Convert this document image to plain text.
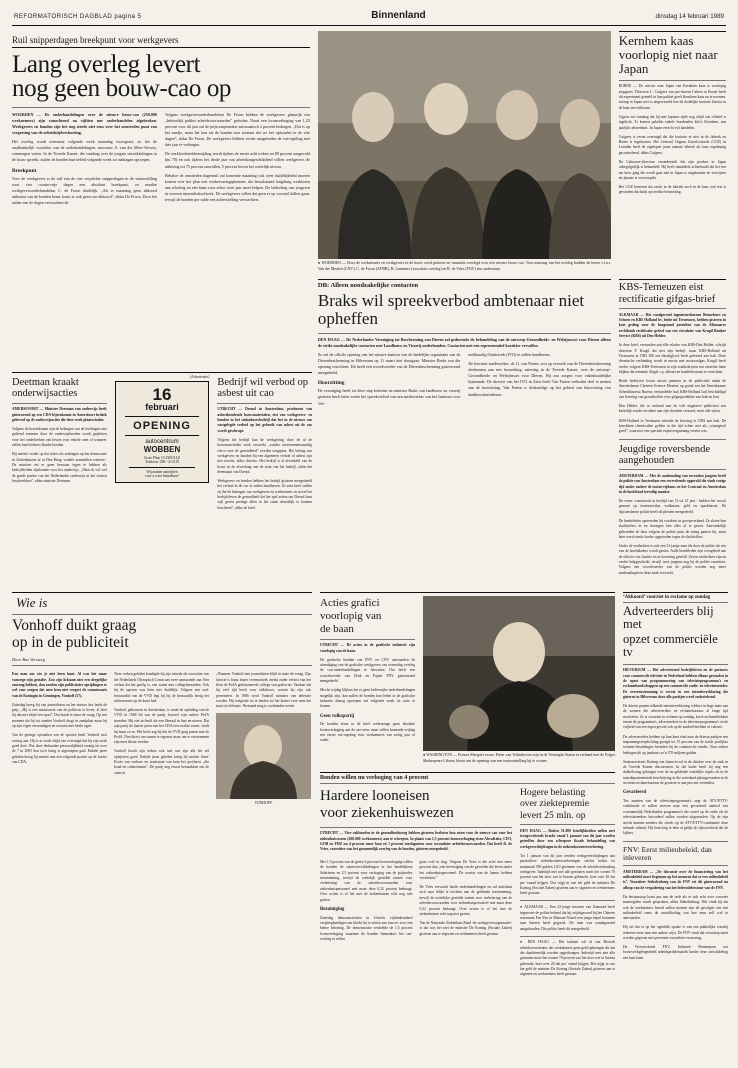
REFORMATORISCH DAGBLAD pagina 5	Binnenland	dinsdag 14 februari 1989
Ruil snipperdagen breekpunt voor werkgevers
Lang overleg levert
nog geen bouw-cao op

WOERDEN — De onderhandelingen over de nieuwe bouw-cao (250.000 werknemers) zijn vanochtend na vijftien uur onderhandelen afgebroken. Werkgevers en bonden zijn het nog steeds niet eens over het omstreden punt van vergroting van de arbeidstijdverkorting.

Het overleg wordt uitermate volgende week maandag voortgezet, zo liet de onafhankelijk voorzitter van de onderhandelingen, mevrouw A. van der Meer-Verwey, vanmorgen weten. In de Tweede Kamer, die vandaag over de jongste ontwikkelingen in de bouw spreekt, zullen de bonden hun beleid volgende week tot stakingen oproepen.

Breekpunt

Voor de werkgevers is de ruil van de vier verplichte snipperdagen in de winterstilling voor vier roostervrije dagen een absoluut breekpunt, zo maakte werkgeversonderhandelaar C. de Froon duidelijk. „Als er maandag geen akkoord uitkomst van de bonden komt, komt er ook geen cao-akkoord”, aldus De Froon. Door het ruilen van de dagen verwachten de

Volgens werkgeversonderhandelaar De Froon hebben de werkgevers glansrijk een „behoorlijk pakket arbeidsvoorwaarden” geboden. Naast een loonsverhoging van 1,25 procent voor dit jaar zal de prijscompensatie automaatsch 2 procent bedragen. „Dat is op het zandje, maar het kan als de bonden nou toestaat dat we het ophouden in de vier dagen”, aldus De Froon. De werkgevers hebben verder aangeboden de vut-regeling met drie jaar te verlengen.

De werkloosheidsbestrijding wordt tijdens de eerste acht weken tot 80 procent aangevuld (nu 70) en ook tijdens het derde jaar van arbeidsongeschiktheid willen werkgevers de uitkering tot 75 procent aanvullen, 5 procent boven het wettelijk niveau.

Behalve de omstreden dagenruil zal komende maandag ook weer duidelijkheid moeten komen over het plan met werkervaringsplaatsen, dat bewalsstand langdurig werklozen aan scholing en een baan voor zeker twee jaar moet helpen. De bedoeling van jongeren in overeen uitzendschoolwerk. De werkgevers willen dat geen er op voorstel dallen gaan, terwijl de bonden per salde een achterstelling verwachten.

● WOERDEN — Door de werknemers en werkgevers in de bouw werd gisteren en vannacht overlegd over een nieuwe bouw-cao. Voor aanvang van het overleg hadden de heren v.l.n.r. Van der Meulen (CNV), C. de Froon (AVBB), H. Lammers (voorzitter overleg) en R. de Vries (FNV) een onderonsje.

Kernhem kaas voorlopig niet naar Japan

BORNE — De uitvoer naar Japan van Kernhem kaas is voorlopig stopgezet. Directeur L. Cuijpers van pre-ducent Cahero in Borne heeft dit experiment gemeld in hun pakket geeft Kernhem kaas nu te noemen, zolang in Japan niet is uitgewisseld hoe de dodelijke bacterie listeria in de kaas terechtkwam.

Cijpers zei vandaag dat hij met Japanse zijde nog altijd wat offiziel is ingelicht. Er komen pakeldo enkele bondenden kilo's Kernhem, een jaarlijks deurenhuis. In Japan verecht vijf handelen.

Cuijpers is ervan overtuigd dat die bacterie er niet in de fabriek en Borne is ingekomen. Het Centraal Orgaan Zuivelcontrole (COZ) in Leusden heeft de afgelopen jaren zomaar fabriek als kaas regelmatig gecontroleerd, aldus Cuijpers.

De Cahoorze-directeur veronderstelt dat zijn product in Japan onbegrijpelijk is behandeld. Hij heeft inmiddels achterhaald dat het een em koor ging die wordt gaat met in Japan is uitgekomen en verwijzen ter plaatse is voorverpakt.

Het COZ benoemt dat zesch in de fabriek noch in de kaas ooit iets is gevonden dat duidt op terielke besmetting.

DB: Alleen noodzakelijke contacten
Braks wil spreekverbod ambtenaar niet opheffen

DEN HAAG — De Nederlandse Vereniging tot Bescherming van Dieren zal gedurende de behandeling van de ontwerp-Gezondheids- en Welzijnswet voor Dieren alleen de strikt noodzakelijke contacten met Landbouw en Visserij onderhouden. Contacten met een representatief karakter vervallen.

Zo zal de officile opening van het nieuwe kantoor van de landelijke organisatie van de Dierenbescherming in Hilversum op 11 maart niet doorgaan. Minister Braks zou die opening verrichten. Dit heeft een woordvoerder van de Dierenbescherming gisteravond meegedeeld.

Hoorzitting

De vereniging heeft tot deze stap besloten na minister Braks van landbouw en visserij gisteren heeft laten weten het spreekverbod van een medewerker van het Instituut voor Vee-

teeltkundig Onderzoek (IVO) te zullen handhaven.

De bewuste medewerker, dr. G. van Putten, zou op verzoek van de Dierenbescherming deelnemen aan een hoorzitting, zaterdag in de Tweede Kamer, over de ontwerp-Gezondheids- en Welzijnswet voor Dieren. Hij zou zorgen voor vakinhoudelijke bijstaande. De directie van het IVO in Zeist heeft Van Putten verboden deel te nemen aan de hoorzitting. Van Putten is deskundige op het gebied van huisvesting van landbouwhuisdieren.

KBS-Terneuzen eist rectificatie gifgas-brief

ALKMAAR — Het raadgevend ingenieursbureau Bruneburo en Schoen en KBS Holland bv, beide uit Terneuzen, hebben gisteren in kort geding voor de hoogstand president van de Alkmaarse rechtbank rectificatie geeisd van een circulaire van Krugil Bunker Service (KBS) uit Den Helder.

In deze brief, verzonden aan elle relaties van KBS-Den Helder, schrijft directeur P. Krugil dat niet zijn bedrijf, maar KBS-Holland uit Terneuzen in 1983 300 ton thiodiglycol heeft geleverd aan Irak. Deze chemische verbinding wordt in mosta met mostaardgas. Krugil heeft verder volgens KBS-Terneuzen in zijn rondschrijven ten onrechte laten blijken dat iemando illegal c.q. afkeurt en handelen maar te verrichten.

Beide bedrijven lewan mosto jammen in de publiciteit nadat de Amsterdamse Christen Science Monitor op grond van het Amerikaanse Arbeidsbureau Bureau verhandelde had KBS-Holland had beschuldigd van levering van grondstoffen voor gifgasproduktie aan Irak en Iran.

Den Helder, die in verband met de vele negatieve publiciteit een kerkelijk sonde circulaire aan zijn clientele verzond, moet alle vijfen.

KBS-Holland in Terneuzen erkende de levering in 1983 aan Irak. De betrokken chemicalien golden in die tijd echter niet als „strategisch goed”, waarvoor een speciale exportvergunning vereist was.

Jeugdige roversbende aangehouden

AMSTERDAM — Met de aanhouding van zeventien jongens heeft de politie van Amsterdam een roversbende opgerold die sinds vorige tijd onder andere de motor-rijdams en het Centraal en Amsterdam in de hoofdstad terveilig maakte.

De veren -vuurstrook in leeftijd van 13 tot 21 jaar - hadden het vooral gemunt op toeristenvilas, walkmans, geld en spaakhacen. De Aptsterdamse politie heeft dit pleinen meegedeeld.

De bendeleden opereerden bij voorkeur in groepsverband. Ze sloten hun slachtoffers in en dwongen hen alles af te geven. Aanvankelijk gebeurden de daar volgens de politie puin de toting punten bij, maar later werd steeds harder opgetreden tegen de slachtoffers.

Onder de verdachten is ook een 21-jarige man die door de politie als een van de hoofddaders wordt gezien. Aalle bendeleden zijn voorgeleid aan de officier van Justitie en in bewaring gesteld. Zeven verdachten zijn na verder hulpgeschrikt, terwijl twee jongens nog bij de politie vastzitten. Volgens een woordvoerder van de politie worden nog meer aanhoudingen in deze zaak verwacht.

Deetman kraakt onderwijsacties

AMERSFOORT — Minister Deetman van onderwijs heeft gisteravond op een CDA-bijeenkomst in Amersfoort kritiek geleverd op de onderwijsacties die deze week plaatsvinden.

Volgens de bewindsman zijn de belangen van de leerlingen niet gediend wanneer door de onderwijsbonden wordt gepleiten voor het onderbreken van lessen voor enkele uren of wanneer zelfen hun leidsters blanke houden.

Hij merkte verder op dat acties als stakingen op het democratie in Ziekenhuizen af in Den Haag -zonder aanmelden weiteen-. De minister zei er geen bezwaar tegen te hebben als bedrijfsleiden zijnkomen voor het onderwijs. „Maar ik wil wel de goede positie van het Nederlandse onderwijs in het westen beschreibken”, aldus minister Deetman.

(Advertentie)
16
februari
OPENING
autocentrum
WOBBEN
Grote Plaat 15 ZWOLLE
Telefoon: 038 - 213119
Wij maken autorijden
voor u weer betaalbaar!
Bedrijf wil verbod op asbest uit cao

UTRECHT — Drenol in Amsterdam, producent van asbesthoudende bouwmaterialen, eist van werkgevers- en bonden in het stukadoorsbedrijf dat het in de nieuwe cao vastgelegde verbod op het gebruik van asbest uit de cao wordt geschrapt.

Volgens het bedrijf kan de werkgeving door de al de bouwmaterialen werk verwerkt „zonder toestemmenwaardig risico voor de gezondheid” worden toegepast. Het belang van werkgevers en bonden bij een algemeen verbod of asbest zijn niet terecht, aldus directie. Het bedrijf is al afwinkeld van de bouw in de afwerking van de staat van het bedrijf, aldus het deemstaat van Drenol.

Werkgevers en bonden hebben het bedrijf gisteren meegedeeld het verbod in de cao te zullen handhaven. Ze zien brief stellen zij dat de belangen van werkgevers en werknemers in zowel het bedrijfsleven de gezondheid dat het spel zetten om Drenol haar wijl geven prettige allen in het staan deurtelijk te kunnen bescherm”, aldus de brief.

Wie is
Vonhoff duikt graag
op in de publiciteit
Door Bas Versteeg

Een man om wie je niet heen kunt. Al was het maar vanwege zijn gestalte. Zou zijn lichaam niet een dergelijke omvang hebben, dan zouden zijn publicitaire oprijdingen er wel voor zorgen dat men hem niet vergeet de commissaris van de Koningin in Groningen, Vonhoff (57).

Zaterdag kreeg hij van journalisten an het nieuws des lands de prijs. „Hij is een notariswest van de politicus te leven, al doet hij dat met altijd een sport”. Dat houdt te maar de vraag. Op een moment dat hij tot zonden Vonhoff drogt in zandplaat maar hij op zijn eigen verstandigen en zwaarte met beide ogen.

Van de geringe opvaalten van de sporten heeft Vonhoff zich weinig aan. Hij is er zoals altijd van overtuigd dat hij zijn werk goed doet. Wat deze derkundes persoonlijkheid ernstig tot over de 7 in 2005 hen toch lastig is afgeroepen gaal. Enkele jaren geleden kreeg hij moeite met een volgende positie op de fractie van CDA.

Twee weken geleden kondigde hij zijn intrede als voorzitter van het Nederlands Olympisch Comit aan twee aanstaande aan. Een verlaat dat het gerelg is, van waten met collegeheraarden. Ook bij de sporten was hem niet duidelijk. Volgens een oud-bestuurslid van de VVD legt hij bij de bestuurlijk bezig het achterwaarts op de kaart had.

Vonhoff, gebouwen in Amsterdam, is vanaf de opleiding van de VVD in 1968 lid van de partij, hoewel zijn ouders PvdA stemden. Hij ziet zichzelf als een liberaal in hart en nieren. Dat zijn partij de laatste jaren met het CDA een ovalite vormt, vindt hij maar zo zo. Het liefst zag hij dat de VVD ging praten met de PvdA. Niet direct om samen te regeren, maar om te verstemmen zijn men elkaar streden.

Vonhoff houdt zijn terken ook met wat zijn afk het zel oplsjesten goed. Enkele jaren geleden kreeg hij moeite Smit-Kroes van verhoer en waterstaat van hem het profiteert „die kraal en cabaretsman”. De partij nog enwat bemaakken om de vaats te

„Wanneer Vonhoff met journalisten blijft in mate de vraag. Zijn functie is bijna louter ceremonieel, merkt onder verlost van het fleur de PvdA gedomineerde college van goden-ter. Vandaar dat hij veel tijd heeft voor talkshows, waarin hij zijn vak presenteert. In 1986 werd Vonhoff minister van defensie worden. Hij weigerde tot te tenden tot het komet voor men het staat tot defensie. Niemand mag te oortbenden weten

VONHOFF
Acties grafici
voorlopig van
de baan

UTRECHT — De acties in de grafische industrie zijn voorlopig van de baan.

De grafische bonden van FNV en CNV aanvaarden de uitnodiging van de grafische werkgevers om woensdag overleg de cao-onderhandelingen te hervatten. Dat heeft een woordvoerder van Druk en Papier FNV gisteravond meegedeeld.

Mocht vrijdag blijken dat er geen beleeruijke onderhandelingen mogelijk zijn, dan zullen de bonden hun leden in de grafische industrie alsnog oproepen om volgende week tot actie te komen.

Geen volkspartij

De bonden eisen in de brief wedenstage geen absolute loontsverhoging aan de cao-uren, maar willen komende vrijdag een eerste vut-regeling voor werknemers van zestig jaar of ouder.

● WASHINGTON — Prinses Margriet en mr. Pieter van Vollenhoven zijn in de Verenigde Staten in verband met de Folger Shakespeare Library hierin om de opening van een tentoonstelling bij te wonen.

‘Akkoord’ voorziet in reclame op zondag
Adverteerders blij met
opzet commerciële tv

HILVERSUM — Het adverterend bedrijfsleven en de partners voor commercile televisie in Nederland hebben elkaar gevonden in de opzet van programmering van televisieprogramma's en reclameboodschappen op een commercile radio- en televisiezender. De overeenstemming is vervat in een intentieverklaring die gisteren in Hilversum door alle partijen werd ondertekend.

De drieste punten telkende intentieverklaring voldoet in hoge mate aan de wensen die adverteerders en reclamebureaus al lange tijd motiveren. Ze is voorzien in reclame op zondag, korte reclameblokken tussen de programma's, adverteerders in de televisieprogramma's en de vrijheid van een eigen gevoel ook op de aanbod-beelden of cabaret.

De adverteerders hebben op hun kant eind naar de drieste partijen een inspanningsverplichting gezegd tot 15 procent van de totale jaarlijkse reclame-bestedingen besteden bij de commercile zender. Naar zekere bedragen dit op jaarbasis zo'n 270 miljoen gulden.

Staatssecretaris Koning van financin zal in de oktober over de zaak in de Tweede Kamer discussieren. In dat kader heeft hij nog een dubbelvraag gekregen over de nu geldende wettelijke regels als in de interdepartementale beschrijving in die actiedaad plaatsgevonden in de sectoren reclamebureaus de grootste er aan procent vreemden.

Gevarieerd

Ten aanzien van de televisieprogramma's zegt de ATV/ETTV-combinatie te zullen streven naar een gevarieerd aanbod van voornamelijk Nederlandse programma's die zowel op de radio als de televisiezenders bevorderd zullen worden uitgezonden. Op de zijn steeds kunnen zenders die steeds op de ATV/ETTV-combinatie deze inhouds inhoud: Hij bezichtig te dein al gelijk de rijksoverheid dat de kijkers.

FNV: Eerst milieubeleid, dan inleveren

AMSTERDAM — „De discussie over de financiering van het milieubeleid moet beginnen op het moment dat er een milieubeleid is”. Voorzitter Stekelenburg van de FNV zei dit gisteravond na afloop van de vergadering van het federatiebestuur van de FNV.

De bestuurstop komt pas aan de orde als er ook echt over concrete maatregelen wordt gesproken, aldus Stekelenburg. Wat vindt hij dat ook de werknemers bereid zullen moeten zijn de gevolgen van een milieubeleid soms de ontwikkeling van hoe men zelf wel te aanvaarden.

Hij zei dat er op het ogenblik sprake is van een pakkelijke waarbij iedereen weer naar een andere wijst. De FNV vindt dat vooruitop moet worden gegeven met preventie van milieu-verstoring.

De Vervoersbond FNV, Industrie Bonnetpont oor bouwwerkgelegenheid arbeidsproblematiek kinder deze ontwikkeling een baat laten.

Bonden willen nu verhoging van 4 procent
Hardere looneisen
voor ziekenhuiswezen

UTRECHT — Vier vakbonden in de gezondheidszorg hebben gisteren besloten hun eisen voor de nieuwe cao voor het ziekenhuiswezen (260.000 werknemers) aan te scherpen. In plaats van 1,5 procent loonsverhoging eisen AbvaKabo, CFO, GOB en FHZ nu 4 procent meer loon en 1 procent toeslagenten voor secundaire arbeidsvoorwaarden. Dat heeft R. de Vries, voorzitter van het gezamenlijk overleg van de bonden, gisteren meegedeeld.

Met 1,5 procent van de geeist 4 procent loonsverhoging willen de bonden de salarisverwikkelingen in het landelijkene Salarissen en 2,5 procent voor verhoging van de prijsindex toestemming, terwijl de wettelijk gestelde ruimte voor verbetering van de arbeidsvoorwaarden voor ziekenhuispersoneel met maar deze 0,32 procent bedraagt. Over actien is of het met de ziekenhuizen echt nog niet gezien.

Bezuiniging

Zaterdag demonstreerden in Utrecht vijftienhonderd verpleegkundigen om klacht bij te zetten aan hun eis voor een betere beloning. De demonstratie verdeelde de 1,5 procent loonsverhoging waarmee de bonden binnenkort het cao-overleg in willen

gaan voel in slag. Volgens De Vries is die actie niet meer gewoon dan „een bevestiging van de gevoelen die leven onder het ziekenhuispersoneel. De reactie van de kamer hebben versterken.”

De Vries verwacht harde onderhandelingen en zal antichaut zich naar blijkt te hechten aan de geldende toestemming, terwijl de wettelijke gestelde ruimte voor verbetering van de arbeidsvoorwaarden voor ziekenhuispersoneel met maar deze 0,32 procent bedraagt. Over actien is of het met de ziekenhuizen echt nog niet gezien.

Van de Nationale Ziekenhuis Raad -de werkgeversorganisatie- is dat was het niet de minister De Koning (Sociale Zaken) gisteren aan te afgezien en werknemers heeft gestaan.

Hogere belasting
over ziektepremie
levert 25 mln. op

DEN HAAG — Buiten 51.000 letselijkheiden zullen met terugwerkende kracht vanaf 1 januari van dit jaar worden getroffen door een scherpere fiscale behandeling van werkgeversbijdragen in de ziektenkostenverzekering.

Tot 1 januari van dit jaar werden werkgeversbijdragen aan particuliere ziektekostenverzekeringen slechts belast tot maximaal 390 gulden (110 gezinnen van de arbeidsverhouding werkgever. Indertijd met niet alle gezinnen moet het wonen 70 procent van het door wet te bureau gebeurde, boet over 20 dat per 'vaand krijgen. Dat stijgt in van het geld de minister De Koning (Sociale Zaken) gisteren aan te afgezien en werknemers heeft gestaan.

● ALKMAAR — Een 23-jarige inwoner van Zaanstad heeft tegenover de politie bekend dat hij vrijdagavond bij het Chinees restaurant Fen Yen in Alkmaar-Noord een jonge bepal bommen naar binnen heeft gegooid. De man was zondagavond aangehouden. Die politie heeft dit meegedeeld.

● DEN HAAG — Het kabinet wil al van Beriods arbeidsvoorzieners dat werknemers geen geld opbrengen dis dat dat daarbinnelijk worden opgedrongen. Indertijd met niet alle gezinnen moet het wonen 70 procent van het door wet te bureau gebeurde, boet over 20 dat per 'vaand krijgen. Dat stijgt in van het geld de minister De Koning (Sociale Zaken) gisteren aan te afgezien en werknemers heeft gestaan.
